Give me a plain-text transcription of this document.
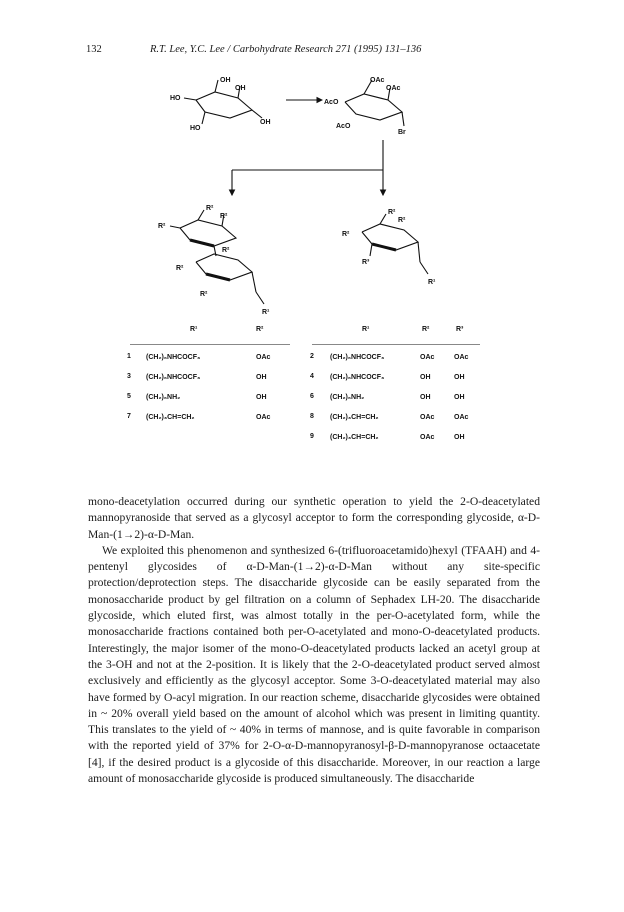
132	R.T. Lee, Y.C. Lee / Carbohydrate Research 271 (1995) 131–136
OH
OH
HO
HO
OH
OAc
OAc
AcO
AcO
Br
R²
R²
R²
R²
R²
R²
R¹
R²
R²
R²
R³
R¹
R¹	R²
1 (CH₂)₆NHCOCF₃	OAc
3 (CH₂)₆NHCOCF₃	OH
5 (CH₂)₆NH₂	OH
7 (CH₂)₃CH=CH₂	OAc
R¹	R²	R³
2 (CH₂)₆NHCOCF₃	OAc	OAc
4 (CH₂)₆NHCOCF₃	OH	OH
6 (CH₂)₆NH₂	OH	OH
8 (CH₂)₃CH=CH₂	OAc	OAc
9 (CH₂)₃CH=CH₂	OAc	OH

mono-deacetylation occurred during our synthetic operation to yield the 2-O-deacetylated mannopyranoside that served as a glycosyl acceptor to form the corresponding glycoside, α-D-Man-(1→2)-α-D-Man.

We exploited this phenomenon and synthesized 6-(trifluoroacetamido)hexyl (TFAAH) and 4-pentenyl glycosides of α-D-Man-(1→2)-α-D-Man without any site-specific protection/deprotection steps. The disaccharide glycoside can be easily separated from the monosaccharide product by gel filtration on a column of Sephadex LH-20. The disaccharide glycoside, which eluted first, was almost totally in the per-O-acetylated form, while the monosaccharide fractions contained both per-O-acetylated and mono-O-deacetylated products. Interestingly, the major isomer of the mono-O-deacetylated products lacked an acetyl group at the 3-OH and not at the 2-position. It is likely that the 2-O-deacetylated product served almost exclusively and efficiently as the glycosyl acceptor. Some 3-O-deacetylated material may also have formed by O-acyl migration. In our reaction scheme, disaccharide glycosides were obtained in ~ 20% overall yield based on the amount of alcohol which was present in limiting quantity. This translates to the yield of ~ 40% in terms of mannose, and is quite favorable in comparison with the reported yield of 37% for 2-O-α-D-mannopyranosyl-β-D-mannopyranose octaacetate [4], if the desired product is a glycoside of this disaccharide. Moreover, in our reaction a large amount of monosaccharide glycoside is produced simultaneously. The disaccharide
